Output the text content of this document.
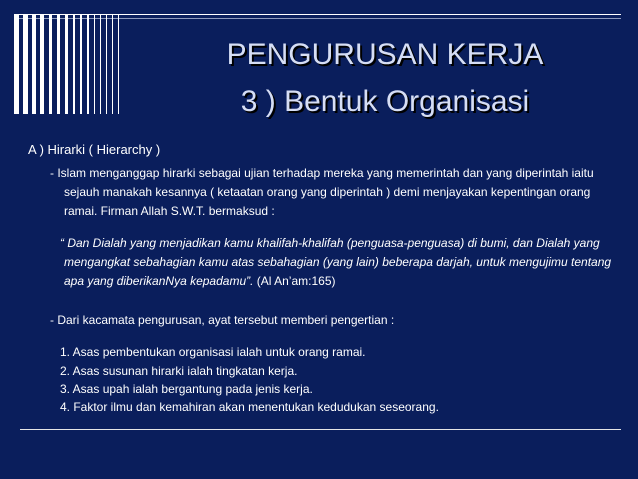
PENGURUSAN KERJA
3 ) Bentuk Organisasi
A ) Hirarki ( Hierarchy )
- Islam menganggap hirarki sebagai ujian terhadap mereka yang memerintah dan yang diperintah iaitu
sejauh manakah kesannya ( ketaatan orang yang diperintah ) demi menjayakan kepentingan orang
ramai. Firman Allah S.W.T. bermaksud :
“ Dan Dialah yang menjadikan kamu khalifah-khalifah (penguasa-penguasa) di bumi, dan Dialah yang
mengangkat sebahagian kamu atas sebahagian (yang lain) beberapa darjah, untuk mengujimu tentang
apa yang diberikanNya kepadamu”. (Al An’am:165)
- Dari kacamata pengurusan, ayat tersebut memberi pengertian :
1. Asas pembentukan organisasi ialah untuk orang ramai.
2. Asas susunan hirarki ialah tingkatan kerja.
3. Asas upah ialah bergantung pada jenis kerja.
4. Faktor ilmu dan kemahiran akan menentukan kedudukan seseorang.
